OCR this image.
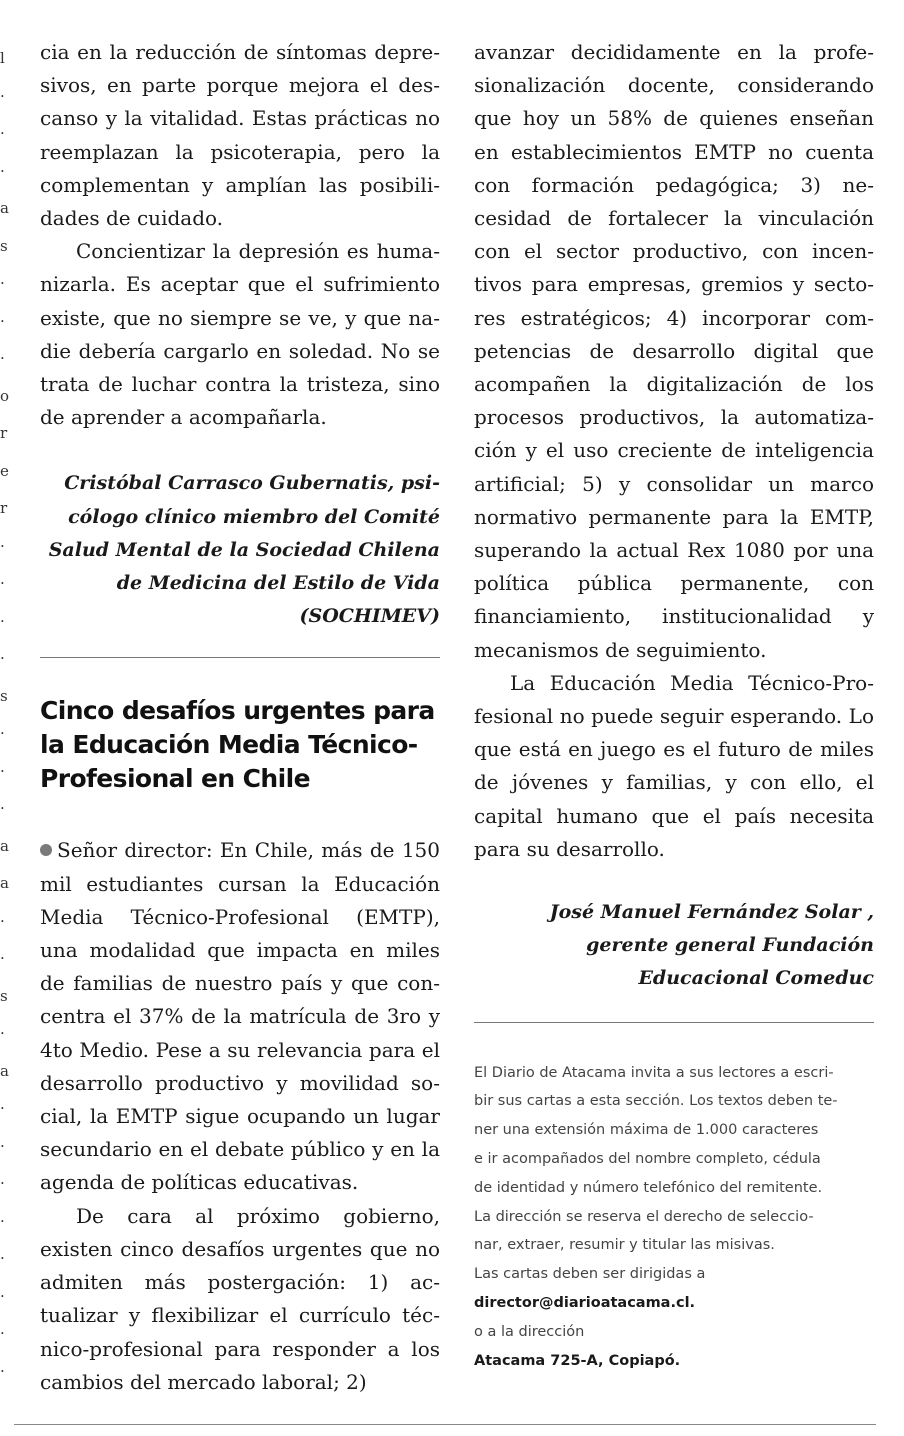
l
·
·
·
a
s
·
·
·
o
r
e
r
·
·
·
·
s
·
·
·
a
a
·
·
s
·
a
·
·
·
·
·
·
·
·

cia en la reducción de síntomas depresivos, en parte porque mejora el descanso y la vitalidad. Estas prácticas no reemplazan la psicoterapia, pero la complementan y amplían las posibilidades de cuidado.

Concientizar la depresión es humanizarla. Es aceptar que el sufrimiento existe, que no siempre se ve, y que nadie debería cargarlo en soledad. No se trata de luchar contra la tristeza, sino de aprender a acompañarla.

Cristóbal Carrasco Gubernatis, psicólogo clínico miembro del Comité Salud Mental de la Sociedad Chilena de Medicina del Estilo de Vida (SOCHIMEV)

Cinco desafíos urgentes para la Educación Media Técnico-Profesional en Chile

Señor director: En Chile, más de 150 mil estudiantes cursan la Educación Media Técnico-Profesional (EMTP), una modalidad que impacta en miles de familias de nuestro país y que concentra el 37% de la matrícula de 3ro y 4to Medio. Pese a su relevancia para el desarrollo productivo y movilidad social, la EMTP sigue ocupando un lugar secundario en el debate público y en la agenda de políticas educativas.

De cara al próximo gobierno, existen cinco desafíos urgentes que no admiten más postergación: 1) actualizar y flexibilizar el currículo técnico-profesional para responder a los cambios del mercado laboral; 2)

avanzar decididamente en la profesionalización docente, considerando que hoy un 58% de quienes enseñan en establecimientos EMTP no cuenta con formación pedagógica; 3) necesidad de fortalecer la vinculación con el sector productivo, con incentivos para empresas, gremios y sectores estratégicos; 4) incorporar competencias de desarrollo digital que acompañen la digitalización de los procesos productivos, la automatización y el uso creciente de inteligencia artificial; 5) y consolidar un marco normativo permanente para la EMTP, superando la actual Rex 1080 por una política pública permanente, con financiamiento, institucionalidad y mecanismos de seguimiento.

La Educación Media Técnico-Profesional no puede seguir esperando. Lo que está en juego es el futuro de miles de jóvenes y familias, y con ello, el capital humano que el país necesita para su desarrollo.

José Manuel Fernández Solar , gerente general Fundación Educacional Comeduc

El Diario de Atacama invita a sus lectores a escri-
bir sus cartas a esta sección. Los textos deben te-
ner una extensión máxima de 1.000 caracteres
e ir acompañados del nombre completo, cédula
de identidad y número telefónico del remitente.
La dirección se reserva el derecho de seleccio-
nar, extraer, resumir y titular las misivas.
Las cartas deben ser dirigidas a
director@diarioatacama.cl.
o a la dirección
Atacama 725-A, Copiapó.
